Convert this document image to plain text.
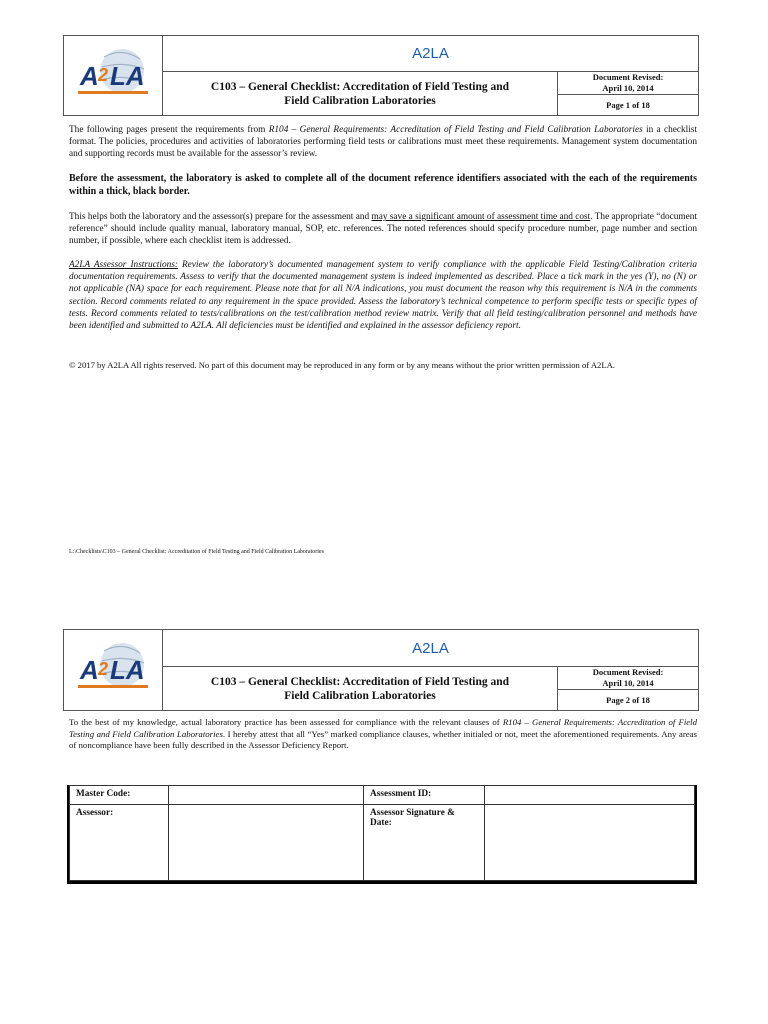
A 2 LA
A2LA
C103 – General Checklist: Accreditation of Field Testing and
Field Calibration Laboratories
Document Revised:
April 10, 2014
Page 1 of 18

The following pages present the requirements from R104 – General Requirements: Accreditation of Field Testing and Field Calibration Laboratories in a checklist format. The policies, procedures and activities of laboratories performing field tests or calibrations must meet these requirements. Management system documentation and supporting records must be available for the assessor’s review.

Before the assessment, the laboratory is asked to complete all of the document reference identifiers associated with the each of the requirements within a thick, black border.

This helps both the laboratory and the assessor(s) prepare for the assessment and may save a significant amount of assessment time and cost. The appropriate “document reference” should include quality manual, laboratory manual, SOP, etc. references. The noted references should specify procedure number, page number and section number, if possible, where each checklist item is addressed.

A2LA Assessor Instructions: Review the laboratory’s documented management system to verify compliance with the applicable Field Testing/Calibration criteria documentation requirements. Assess to verify that the documented management system is indeed implemented as described. Place a tick mark in the yes (Y), no (N) or not applicable (NA) space for each requirement. Please note that for all N/A indications, you must document the reason why this requirement is N/A in the comments section. Record comments related to any requirement in the space provided. Assess the laboratory’s technical competence to perform specific tests or specific types of tests. Record comments related to tests/calibrations on the test/calibration method review matrix. Verify that all field testing/calibration personnel and methods have been identified and submitted to A2LA. All deficiencies must be identified and explained in the assessor deficiency report.

© 2017 by A2LA All rights reserved. No part of this document may be reproduced in any form or by any means without the prior written permission of A2LA.
L:\Checklists\C103 – General Checklist: Accreditation of Field Testing and Field Calibration Laboratories
A 2 LA
A2LA
C103 – General Checklist: Accreditation of Field Testing and
Field Calibration Laboratories
Document Revised:
April 10, 2014
Page 2 of 18

To the best of my knowledge, actual laboratory practice has been assessed for compliance with the relevant clauses of R104 – General Requirements: Accreditation of Field Testing and Field Calibration Laboratories. I hereby attest that all “Yes” marked compliance clauses, whether initialed or not, meet the aforementioned requirements. Any areas of noncompliance have been fully described in the Assessor Deficiency Report.

Master Code:		Assessment ID:	
Assessor:		Assessor Signature & Date:	
